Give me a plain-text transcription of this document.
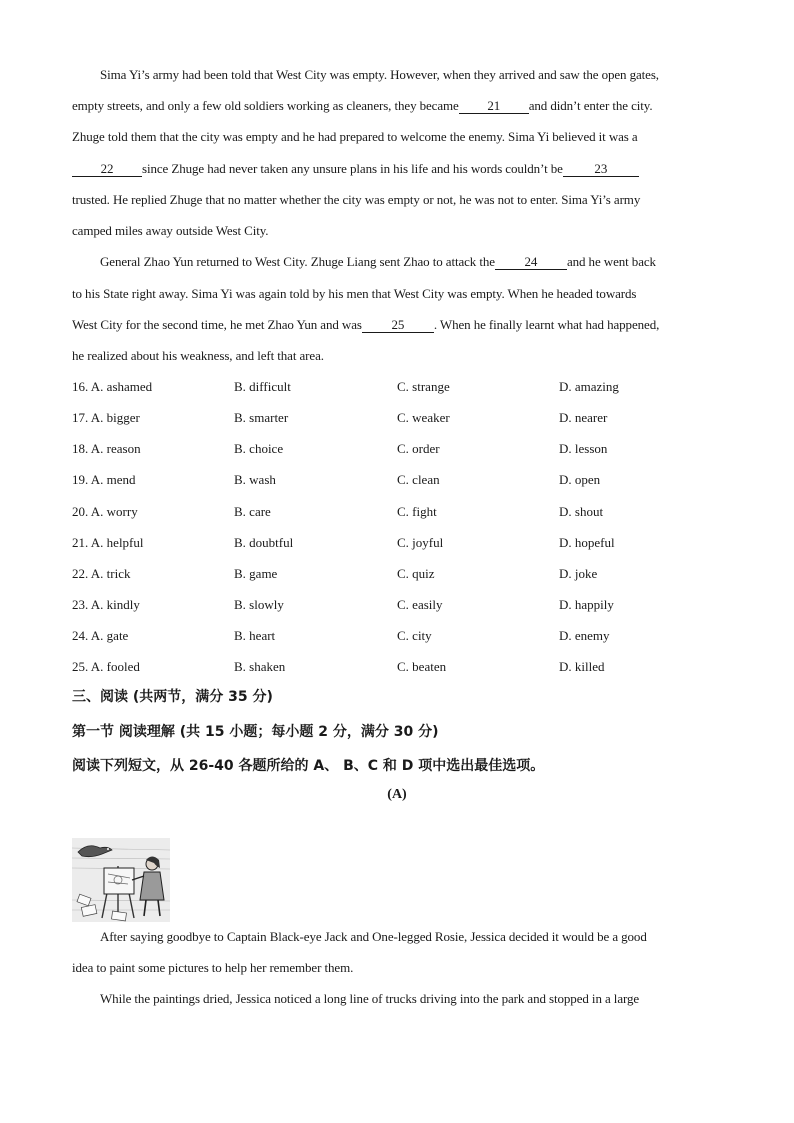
Sima Yi’s army had been told that West City was empty. However, when they arrived and saw the open gates,
empty streets, and only a few old soldiers working as cleaners, they became 21 and didn’t enter the city.
Zhuge told them that the city was empty and he had prepared to welcome the enemy. Sima Yi believed it was a
22 since Zhuge had never taken any unsure plans in his life and his words couldn’t be 23
trusted. He replied Zhuge that no matter whether the city was empty or not, he was not to enter. Sima Yi’s army
camped miles away outside West City.
General Zhao Yun returned to West City. Zhuge Liang sent Zhao to attack the 24 and he went back
to his State right away. Sima Yi was again told by his men that West City was empty. When he headed towards
West City for the second time, he met Zhao Yun and was 25 . When he finally learnt what had happened,
he realized about his weakness, and left that area.
16. A. ashamed	B. difficult	C. strange	D. amazing
17. A. bigger	B. smarter	C. weaker	D. nearer
18. A. reason	B. choice	C. order	D. lesson
19. A. mend	B. wash	C. clean	D. open
20. A. worry	B. care	C. fight	D. shout
21. A. helpful	B. doubtful	C. joyful	D. hopeful
22. A. trick	B. game	C. quiz	D. joke
23. A. kindly	B. slowly	C. easily	D. happily
24. A. gate	B. heart	C. city	D. enemy
25. A. fooled	B. shaken	C. beaten	D. killed
三、阅读 (共两节，满分 35 分)
第一节 阅读理解 (共 15 小题；每小题 2 分，满分 30 分)
阅读下列短文，从 26-40 各题所给的 A、 B、C 和 D 项中选出最佳选项。
(A)
After saying goodbye to Captain Black-eye Jack and One-legged Rosie, Jessica decided it would be a good
idea to paint some pictures to help her remember them.
While the paintings dried, Jessica noticed a long line of trucks driving into the park and stopped in a large
